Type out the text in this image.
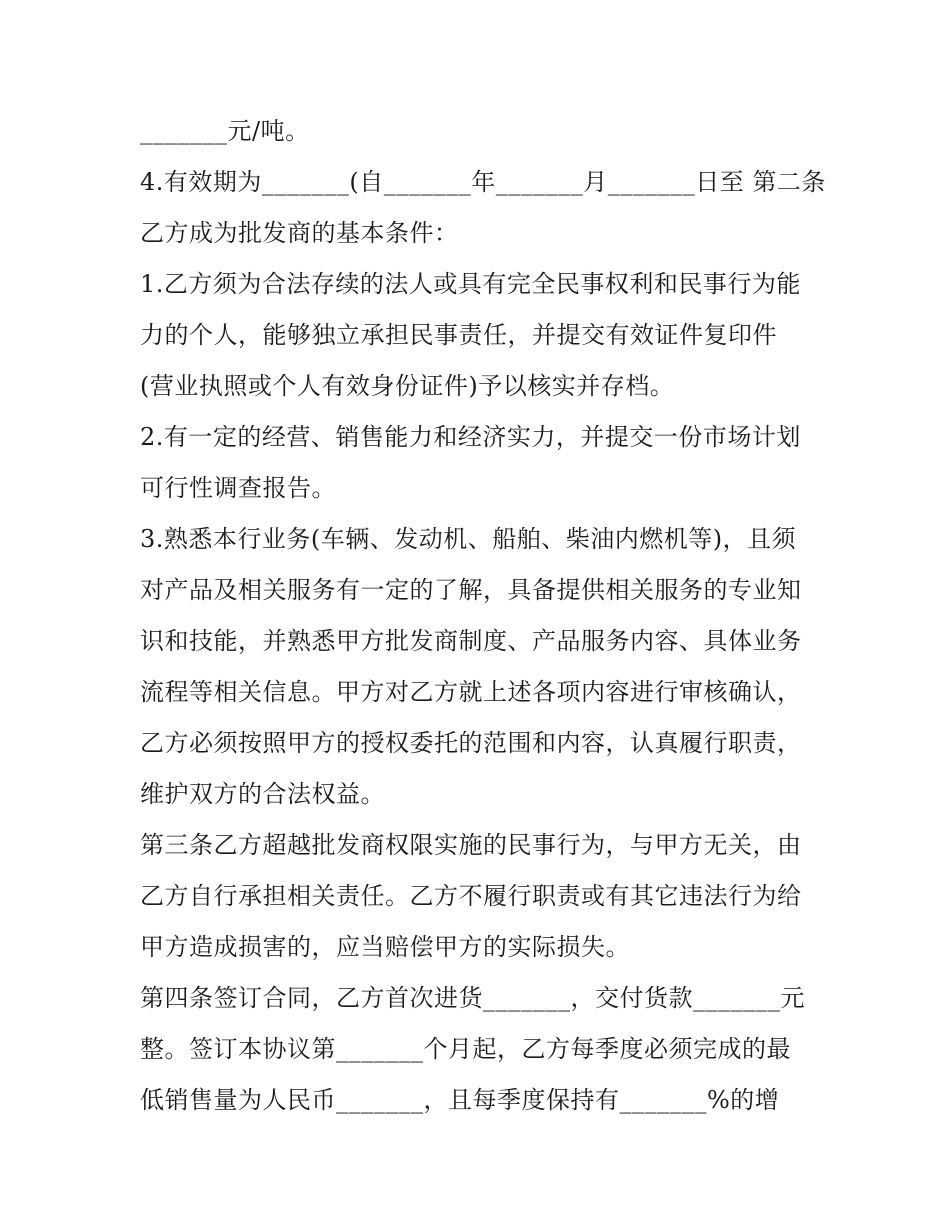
_______元/吨。
4.有效期为_______(自_______年_______月_______日至 第二条
乙方成为批发商的基本条件：
1.乙方须为合法存续的法人或具有完全民事权利和民事行为能
力的个人，能够独立承担民事责任，并提交有效证件复印件
(营业执照或个人有效身份证件)予以核实并存档。
2.有一定的经营、销售能力和经济实力，并提交一份市场计划
可行性调查报告。
3.熟悉本行业务(车辆、发动机、船舶、柴油内燃机等)，且须
对产品及相关服务有一定的了解，具备提供相关服务的专业知
识和技能，并熟悉甲方批发商制度、产品服务内容、具体业务
流程等相关信息。甲方对乙方就上述各项内容进行审核确认，
乙方必须按照甲方的授权委托的范围和内容，认真履行职责，
维护双方的合法权益。
第三条乙方超越批发商权限实施的民事行为，与甲方无关，由
乙方自行承担相关责任。乙方不履行职责或有其它违法行为给
甲方造成损害的，应当赔偿甲方的实际损失。
第四条签订合同，乙方首次进货_______，交付货款_______元
整。签订本协议第_______个月起，乙方每季度必须完成的最
低销售量为人民币_______，且每季度保持有_______%的增
